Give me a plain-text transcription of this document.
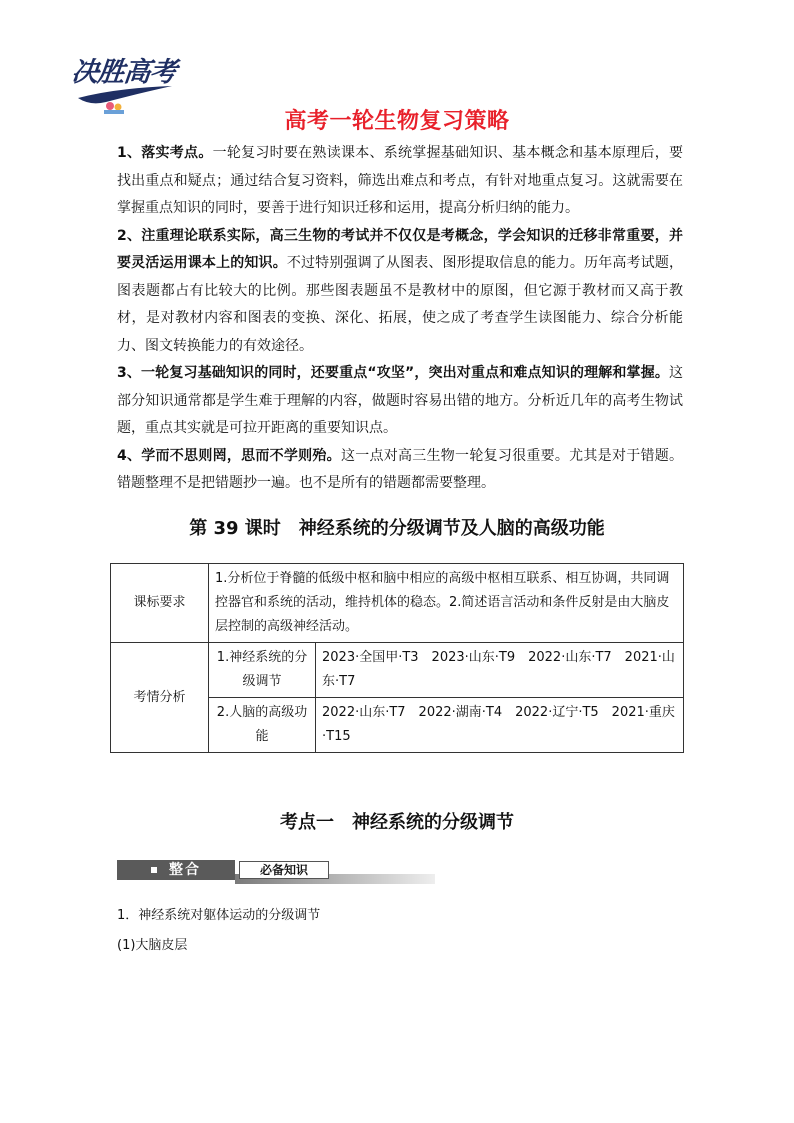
决胜高考
高考一轮生物复习策略

1、落实考点。一轮复习时要在熟读课本、系统掌握基础知识、基本概念和基本原理后，要找出重点和疑点；通过结合复习资料，筛选出难点和考点，有针对地重点复习。这就需要在掌握重点知识的同时，要善于进行知识迁移和运用，提高分析归纳的能力。

2、注重理论联系实际，高三生物的考试并不仅仅是考概念，学会知识的迁移非常重要，并要灵活运用课本上的知识。不过特别强调了从图表、图形提取信息的能力。历年高考试题，图表题都占有比较大的比例。那些图表题虽不是教材中的原图，但它源于教材而又高于教材，是对教材内容和图表的变换、深化、拓展，使之成了考查学生读图能力、综合分析能力、图文转换能力的有效途径。

3、一轮复习基础知识的同时，还要重点“攻坚”，突出对重点和难点知识的理解和掌握。这部分知识通常都是学生难于理解的内容，做题时容易出错的地方。分析近几年的高考生物试题，重点其实就是可拉开距离的重要知识点。

4、学而不思则罔，思而不学则殆。这一点对高三生物一轮复习很重要。尤其是对于错题。错题整理不是把错题抄一遍。也不是所有的错题都需要整理。

第 39 课时　神经系统的分级调节及人脑的高级功能
课标要求	1.分析位于脊髓的低级中枢和脑中相应的高级中枢相互联系、相互协调，共同调控器官和系统的活动，维持机体的稳态。2.简述语言活动和条件反射是由大脑皮层控制的高级神经活动。	
考情分析	1.神经系统的分级调节	2023·全国甲·T3　2023·山东·T9　2022·山东·T7　2021·山东·T7
	2.人脑的高级功能	2022·山东·T7　2022·湖南·T4　2022·辽宁·T5　2021·重庆·T15
考点一　神经系统的分级调节
整合	必备知识
1．神经系统对躯体运动的分级调节
(1)大脑皮层
